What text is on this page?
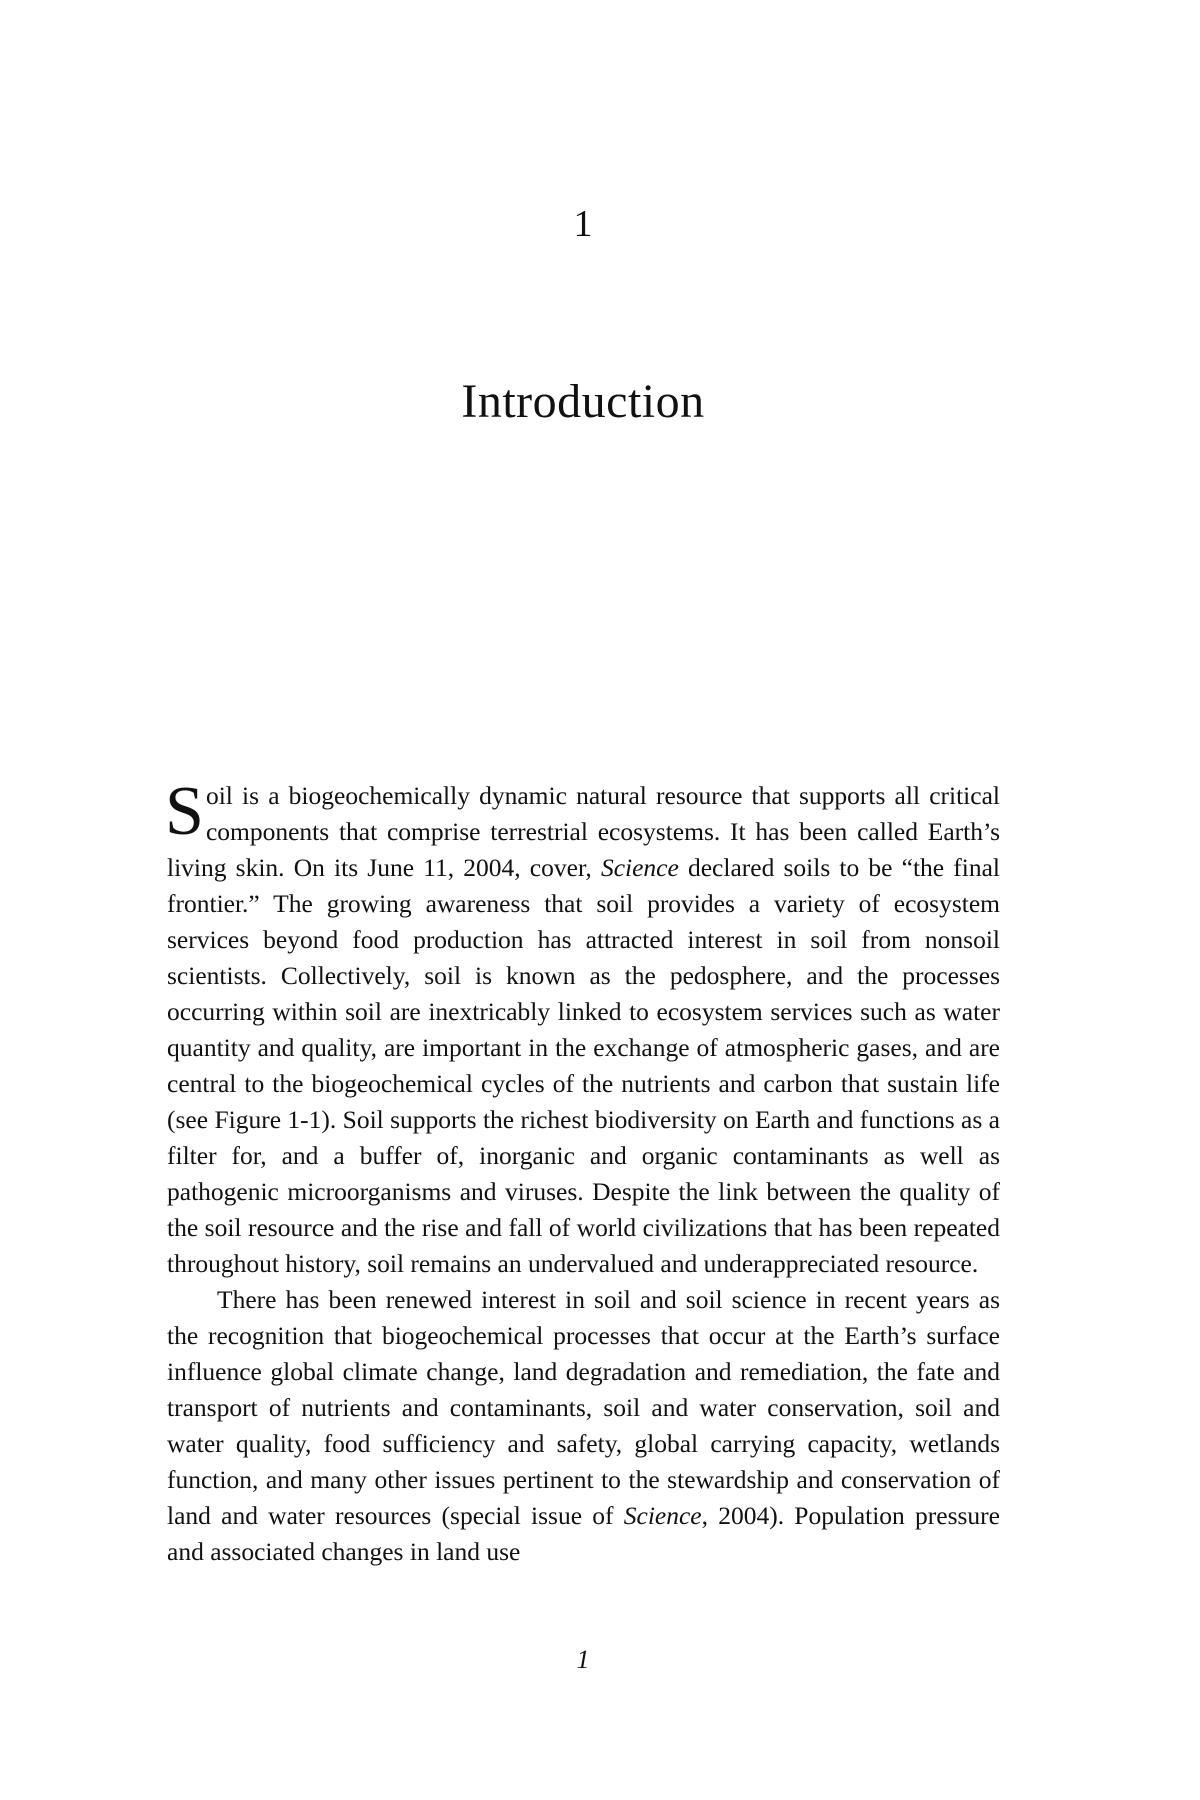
1
Introduction

Soil is a biogeochemically dynamic natural resource that supports all critical components that comprise terrestrial ecosystems. It has been called Earth’s living skin. On its June 11, 2004, cover, Science declared soils to be “the final frontier.” The growing awareness that soil provides a variety of ecosystem services beyond food production has attracted interest in soil from nonsoil scientists. Collectively, soil is known as the pedosphere, and the processes occurring within soil are inextricably linked to ecosystem services such as water quantity and quality, are important in the exchange of atmospheric gases, and are central to the biogeochemical cycles of the nutrients and carbon that sustain life (see Figure 1-1). Soil supports the richest biodiversity on Earth and functions as a filter for, and a buffer of, inorganic and organic contaminants as well as pathogenic microorganisms and viruses. Despite the link between the quality of the soil resource and the rise and fall of world civilizations that has been repeated throughout history, soil remains an undervalued and underappreciated resource.

There has been renewed interest in soil and soil science in recent years as the recognition that biogeochemical processes that occur at the Earth’s surface influence global climate change, land degradation and remediation, the fate and transport of nutrients and contaminants, soil and water conservation, soil and water quality, food sufficiency and safety, global carrying capacity, wetlands function, and many other issues pertinent to the stewardship and conservation of land and water resources (special issue of Science, 2004). Population pressure and associated changes in land use

1
